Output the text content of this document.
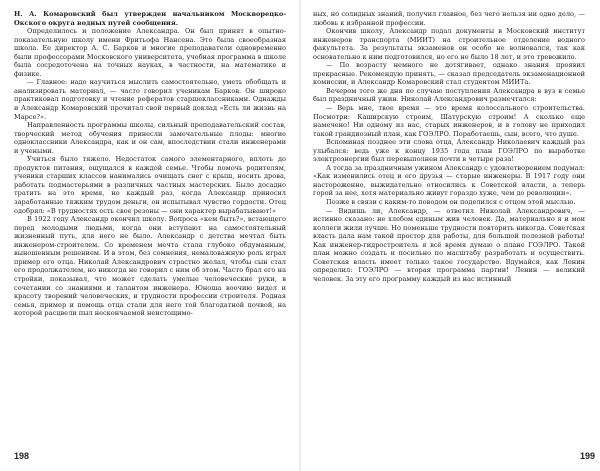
Н. А. Комаровский был утвержден начальником Москворецко-Окского округа водных путей сообщения.

Определилось и положение Александра. Он был принят в опытно-показательную школу имени Фритьофа Нансена. Это была своеобразная школа. Ее директор А. С. Барков и многие преподаватели одновременно были профессорами Московского университета, учебная программа в школе была сосредоточена на точных науках, в частности, на математике и физике.

— Главное: надо научиться мыслить самостоятельно, уметь обобщать и анализировать материал, — часто говорил ученикам Барков. Он широко практиковал подготовку и чтение рефератов старшеклассниками. Однажды и Александр Комаровский прочитал свой первый доклад «Есть ли жизнь на Марсе?».

Направленность программы школы, сильный преподавательский состав, творческий метод обучения принесли замечательные плоды: многие одноклассники Александра, как и он сам, впоследствии стали инженерами и учеными.

Учиться было тяжело. Недостаток самого элементарного, вплоть до продуктов питания, ощущался в каждой семье. Чтобы помочь родителям, ученики старших классов нанимались очищать снег с крыш, носить дрова, работать подмастерьями в различных частных мастерских. Было досадно тратить на это время, но каждый раз, когда Александр приносил заработанные тяжким трудом деньги, он испытывал чувство гордости. Отец одобрял: «В трудностях есть свое резоны — они характер вырабатывают!»

В 1922 году Александр окончил школу. Вопроса «кем быть?», встающего перед молодыми людьми, когда они вступают на самостоятельный жизненный путь, для него не было. Александр с детства мечтал быть инженером-строителем. Со временем мечта стала глубоко обдуманным, выношенным решением. И в этом, без сомнения, немаловажную роль играл пример его отца. Николай Александрович страстно желал, чтобы сын стал его продолжателем, но никогда не говорил с ним об этом. Часто брал его на стройки, показывал, что может сделать умелые человеческие руки, в сочетании со знаниями и талантом инженера. Юноша воочию видел и красоту творений человеческих, и трудности профессии строителя. Родная семья, пример и помощь отца стали для него той благодатной почвой, на которой расцвели пыл нескончаемой неистощимо-

198

ных, но солидных знаний, получил главное, без чего нельзя ни одно дело, — любовь к избранной профессии.

Окончив школу, Александр подал документы в Московский институт инженеров транспорта (МИИТ) на строительное отделение водного факультета. За результаты экзаменов он особо не волновался, так как основательно к ним подготовился, но его не было 18 лет, и это тревожило.

— По возрасту немного не дотягивает, однако знания проявил прекрасные. Рекомендую принять, — сказал председатель экзаменационной комиссии, и Александр Комаровский стал студентом МИИТа.

Вечером того же дня по случаю поступления Александра в вуз в семье был праздничный ужин. Николай Александрович размечтался:

— Верь мне, твое время — это время колоссального строительства. Посмотри: Каширскую строим, Шатурскую строим! А сколько еще намечено! Ни одному из нас, старых инженеров, и в голову не приходил такой грандиозный план, как ГОЭЛРО. Поработаешь, сын, всего, что душе.

Вспоминая позднее эти слова отца, Александр Николаевич каждый раз улыбался: ведь уже к концу 1935 года план ГОЭЛРО по выработке электроэнергии был перевыполнен почти в четыре раза!

А тогда за праздничным ужином Александр с удовлетворением подумал: «Как изменились отец и его друзья — старые инженеры. В 1917 году они настороженно, выжидательно относились к Советской власти, а теперь горой за нее, хотя материально живут гораздо хуже, чем до революции».

Позже в связи с каким-то поводом он поделился с отцом этой мыслью.

— Видишь ли, Александр, — ответил Николай Александрович, — истинно сказано: не хлебом единым жив человек. Да, материально я и мои коллеги жили лучше. Но поменьше трудности повторить никогда. Советская власть дала нам такой простор для работы, для большой полезной работы! Как инженер-гидростроитель я всё время думаю о плане ГОЭЛРО. Такой план можно создать и посильно по масштабу разработать и осуществить. Советская власть имеет только такое государство. Вдумайся, как Ленин определил: ГОЭЛРО — вторая программа партии! Ленин — великий человек. За эту его программу каждый из нас истинный

199
